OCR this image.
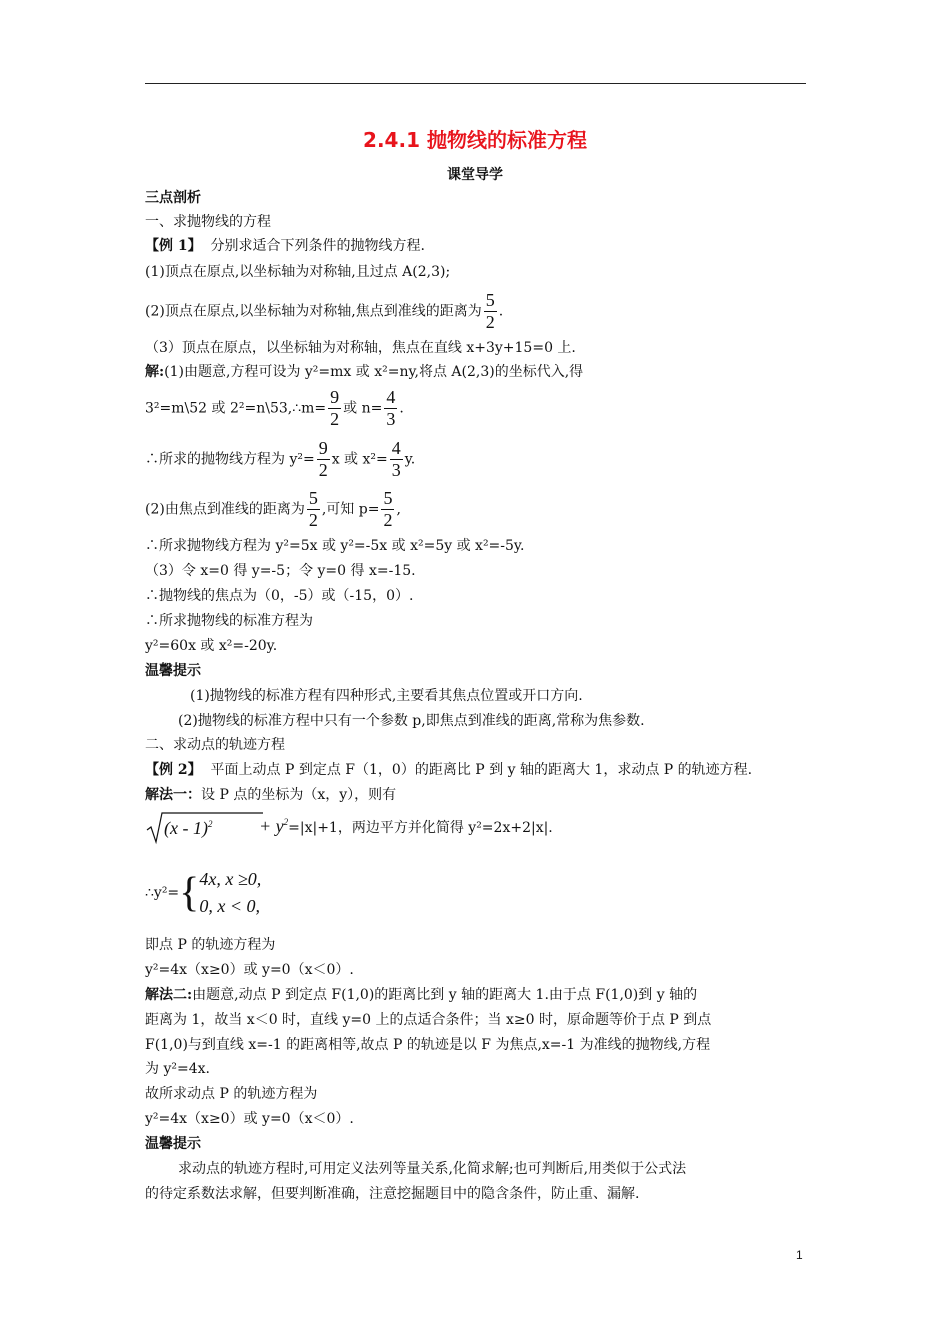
2.4.1 抛物线的标准方程
课堂导学
三点剖析
一、求抛物线的方程
【例 1】 分别求适合下列条件的抛物线方程.
(1)顶点在原点,以坐标轴为对称轴,且过点 A(2,3);
(2)顶点在原点,以坐标轴为对称轴,焦点到准线的距离为 $\frac{5}{2}$ .
（3）顶点在原点，以坐标轴为对称轴，焦点在直线 x+3y+15=0 上.
解:(1)由题意,方程可设为 y²=mx 或 x²=ny,将点 A(2,3)的坐标代入,得
3²=m\52 或 2²=n\53,∴m= $\frac{9}{2}$ 或 $n= \frac{4}{3}$ .
∴所求的抛物线方程为 $y^2= \frac{9}{2}$ x 或 $x^2= \frac{4}{3} y$.
(2)由焦点到准线的距离为 $\frac{5}{2}$ ,可知 $p= \frac{5}{2}$ ,
∴所求抛物线方程为 y²=5x 或 y²=-5x 或 x²=5y 或 x²=-5y.
（3）令 x=0 得 y=-5；令 y=0 得 x=-15.
∴抛物线的焦点为（0，-5）或（-15，0）.
∴所求抛物线的标准方程为
y²=60x 或 x²=-20y.
温馨提示
(1)抛物线的标准方程有四种形式,主要看其焦点位置或开口方向.
(2)抛物线的标准方程中只有一个参数 p,即焦点到准线的距离,常称为焦参数.
二、求动点的轨迹方程
【例 2】 平面上动点 P 到定点 F（1，0）的距离比 P 到 y 轴的距离大 1，求动点 P 的轨迹方程.
解法一：设 P 点的坐标为（x，y），则有
(x - 1)$^2$	+ $y^2=|x|+1$，两边平方并化简得 y²=2x+2|x|.
∴y²={ 4x, x ≥0,
0, x < 0,
即点 P 的轨迹方程为
y²=4x（x≥0）或 y=0（x＜0）.
解法二:由题意,动点 P 到定点 F(1,0)的距离比到 y 轴的距离大 1.由于点 F(1,0)到 y 轴的
距离为 1，故当 x＜0 时，直线 y=0 上的点适合条件；当 x≥0 时，原命题等价于点 P 到点
F(1,0)与到直线 x=-1 的距离相等,故点 P 的轨迹是以 F 为焦点,x=-1 为准线的抛物线,方程
为 y²=4x.
故所求动点 P 的轨迹方程为
y²=4x（x≥0）或 y=0（x＜0）.
温馨提示
求动点的轨迹方程时,可用定义法列等量关系,化简求解;也可判断后,用类似于公式法
的待定系数法求解，但要判断准确，注意挖掘题目中的隐含条件，防止重、漏解.
1
